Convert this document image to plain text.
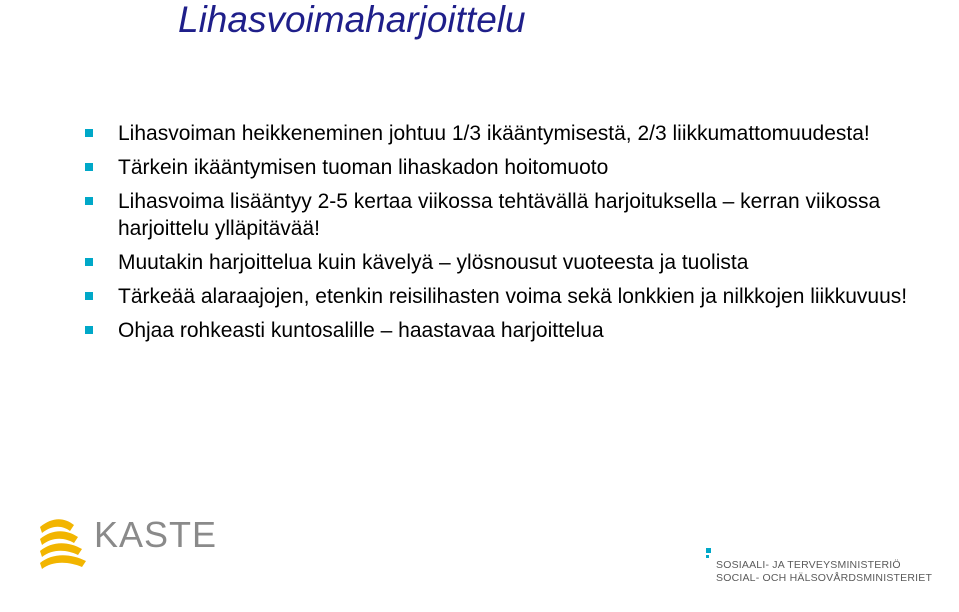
Lihasvoimaharjoittelu
Lihasvoiman heikkeneminen johtuu 1/3 ikääntymisestä, 2/3 liikkumattomuudesta!
Tärkein ikääntymisen tuoman lihaskadon hoitomuoto
Lihasvoima lisääntyy 2-5 kertaa viikossa tehtävällä harjoituksella – kerran viikossa harjoittelu ylläpitävää!
Muutakin harjoittelua kuin kävelyä – ylösnousut vuoteesta ja tuolista
Tärkeää alaraajojen, etenkin reisilihasten voima sekä lonkkien ja nilkkojen liikkuvuus!
Ohjaa rohkeasti kuntosalille – haastavaa harjoittelua
KASTE
SOSIAALI- JA TERVEYSMINISTERIÖ
SOCIAL- OCH HÄLSOVÅRDSMINISTERIET
